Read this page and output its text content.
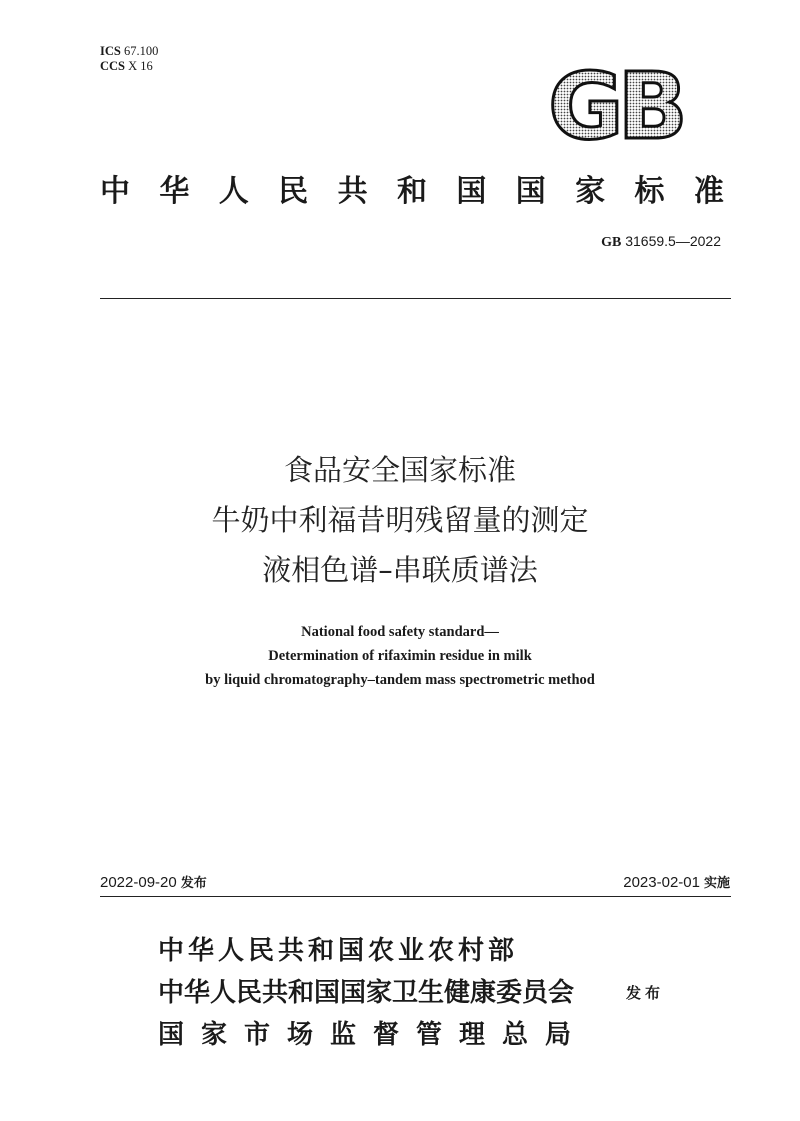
ICS 67.100
CCS X 16	GB
中 华 人 民 共 和 国 国 家 标 准
GB 31659.5—2022
食品安全国家标准
牛奶中利福昔明残留量的测定
液相色谱–串联质谱法
National food safety standard—
Determination of rifaximin residue in milk
by liquid chromatography–tandem mass spectrometric method
2022-09-20 发布	2023-02-01 实施
中华人民共和国农业农村部
中华人民共和国国家卫生健康委员会
国家市场监督管理总局
发布
